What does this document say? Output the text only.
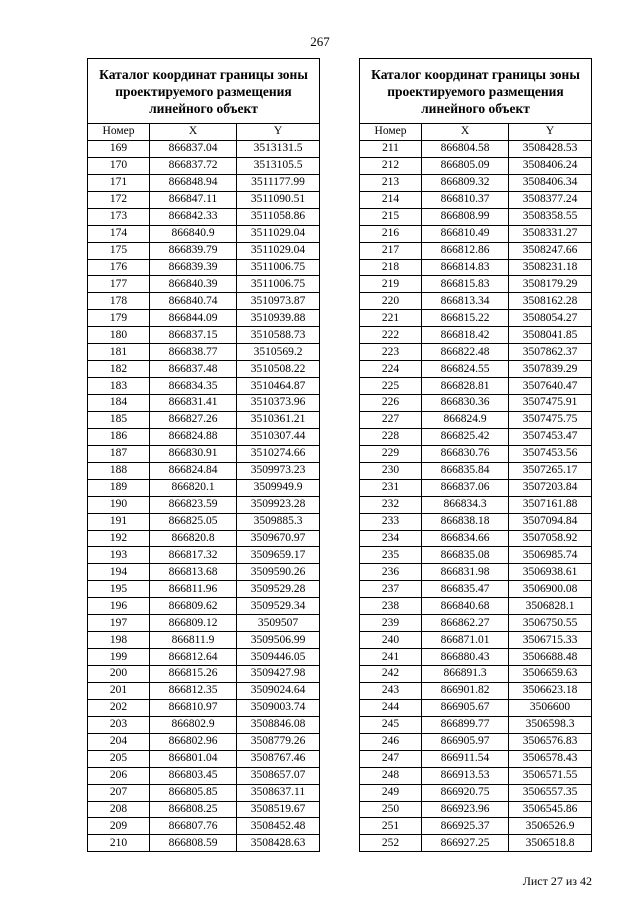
267
Каталог координат границы зоны проектируемого размещения линейного объект		
Номер	X	Y
169	866837.04	3513131.5
170	866837.72	3513105.5
171	866848.94	3511177.99
172	866847.11	3511090.51
173	866842.33	3511058.86
174	866840.9	3511029.04
175	866839.79	3511029.04
176	866839.39	3511006.75
177	866840.39	3511006.75
178	866840.74	3510973.87
179	866844.09	3510939.88
180	866837.15	3510588.73
181	866838.77	3510569.2
182	866837.48	3510508.22
183	866834.35	3510464.87
184	866831.41	3510373.96
185	866827.26	3510361.21
186	866824.88	3510307.44
187	866830.91	3510274.66
188	866824.84	3509973.23
189	866820.1	3509949.9
190	866823.59	3509923.28
191	866825.05	3509885.3
192	866820.8	3509670.97
193	866817.32	3509659.17
194	866813.68	3509590.26
195	866811.96	3509529.28
196	866809.62	3509529.34
197	866809.12	3509507
198	866811.9	3509506.99
199	866812.64	3509446.05
200	866815.26	3509427.98
201	866812.35	3509024.64
202	866810.97	3509003.74
203	866802.9	3508846.08
204	866802.96	3508779.26
205	866801.04	3508767.46
206	866803.45	3508657.07
207	866805.85	3508637.11
208	866808.25	3508519.67
209	866807.76	3508452.48
210	866808.59	3508428.63
Каталог координат границы зоны проектируемого размещения линейного объект		
Номер	X	Y
211	866804.58	3508428.53
212	866805.09	3508406.24
213	866809.32	3508406.34
214	866810.37	3508377.24
215	866808.99	3508358.55
216	866810.49	3508331.27
217	866812.86	3508247.66
218	866814.83	3508231.18
219	866815.83	3508179.29
220	866813.34	3508162.28
221	866815.22	3508054.27
222	866818.42	3508041.85
223	866822.48	3507862.37
224	866824.55	3507839.29
225	866828.81	3507640.47
226	866830.36	3507475.91
227	866824.9	3507475.75
228	866825.42	3507453.47
229	866830.76	3507453.56
230	866835.84	3507265.17
231	866837.06	3507203.84
232	866834.3	3507161.88
233	866838.18	3507094.84
234	866834.66	3507058.92
235	866835.08	3506985.74
236	866831.98	3506938.61
237	866835.47	3506900.08
238	866840.68	3506828.1
239	866862.27	3506750.55
240	866871.01	3506715.33
241	866880.43	3506688.48
242	866891.3	3506659.63
243	866901.82	3506623.18
244	866905.67	3506600
245	866899.77	3506598.3
246	866905.97	3506576.83
247	866911.54	3506578.43
248	866913.53	3506571.55
249	866920.75	3506557.35
250	866923.96	3506545.86
251	866925.37	3506526.9
252	866927.25	3506518.8
Лист 27 из 42
